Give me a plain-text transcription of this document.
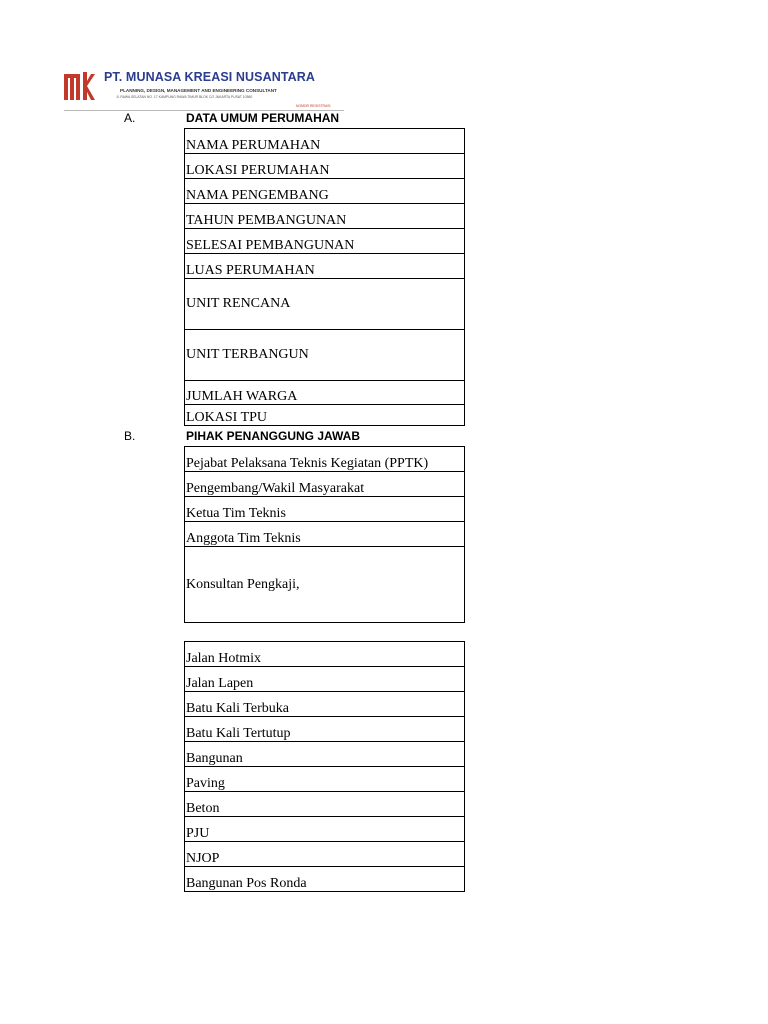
PT. MUNASA KREASI NUSANTARA
PLANNING, DESIGN, MANAGEMENT AND ENGINEERING CONSULTANT
Jl. RAWA SELATAN NO. 17 KAMPUNG RAWA TIMUR BLOK C/2 JAKARTA PUSAT 10560
NOMOR REGISTRASI
A.	DATA UMUM PERUMAHAN
NAMA PERUMAHAN
LOKASI PERUMAHAN
NAMA PENGEMBANG
TAHUN PEMBANGUNAN
SELESAI PEMBANGUNAN
LUAS PERUMAHAN
UNIT RENCANA
UNIT TERBANGUN
JUMLAH WARGA
LOKASI TPU
B.	PIHAK PENANGGUNG JAWAB
Pejabat Pelaksana Teknis Kegiatan (PPTK)
Pengembang/Wakil Masyarakat
Ketua Tim Teknis
Anggota Tim Teknis
Konsultan Pengkaji,
Jalan Hotmix
Jalan Lapen
Batu Kali Terbuka
Batu Kali Tertutup
Bangunan
Paving
Beton
PJU
NJOP
Bangunan Pos Ronda
